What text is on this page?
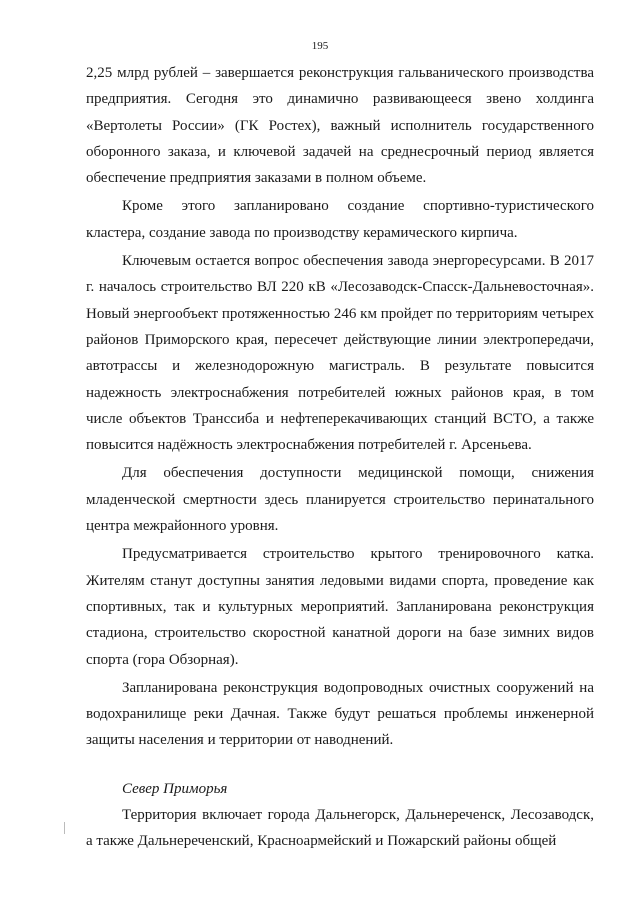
195

2,25 млрд рублей – завершается реконструкция гальванического производства предприятия. Сегодня это динамично развивающееся звено холдинга «Вертолеты России» (ГК Ростех), важный исполнитель государственного оборонного заказа, и ключевой задачей на среднесрочный период является обеспечение предприятия заказами в полном объеме.

Кроме этого запланировано создание спортивно-туристического кластера, создание завода по производству керамического кирпича.

Ключевым остается вопрос обеспечения завода энергоресурсами. В 2017 г. началось строительство ВЛ 220 кВ «Лесозаводск-Спасск-Дальневосточная». Новый энергообъект протяженностью 246 км пройдет по территориям четырех районов Приморского края, пересечет действующие линии электропередачи, автотрассы и железнодорожную магистраль. В результате повысится надежность электроснабжения потребителей южных районов края, в том числе объектов Транссиба и нефтеперекачивающих станций ВСТО, а также повысится надёжность электроснабжения потребителей г. Арсеньева.

Для обеспечения доступности медицинской помощи, снижения младенческой смертности здесь планируется строительство перинатального центра межрайонного уровня.

Предусматривается строительство крытого тренировочного катка. Жителям станут доступны занятия ледовыми видами спорта, проведение как спортивных, так и культурных мероприятий. Запланирована реконструкция стадиона, строительство скоростной канатной дороги на базе зимних видов спорта (гора Обзорная).

Запланирована реконструкция водопроводных очистных сооружений на водохранилище реки Дачная. Также будут решаться проблемы инженерной защиты населения и территории от наводнений.

Север Приморья

Территория включает города Дальнегорск, Дальнереченск, Лесозаводск, а также Дальнереченский, Красноармейский и Пожарский районы общей
